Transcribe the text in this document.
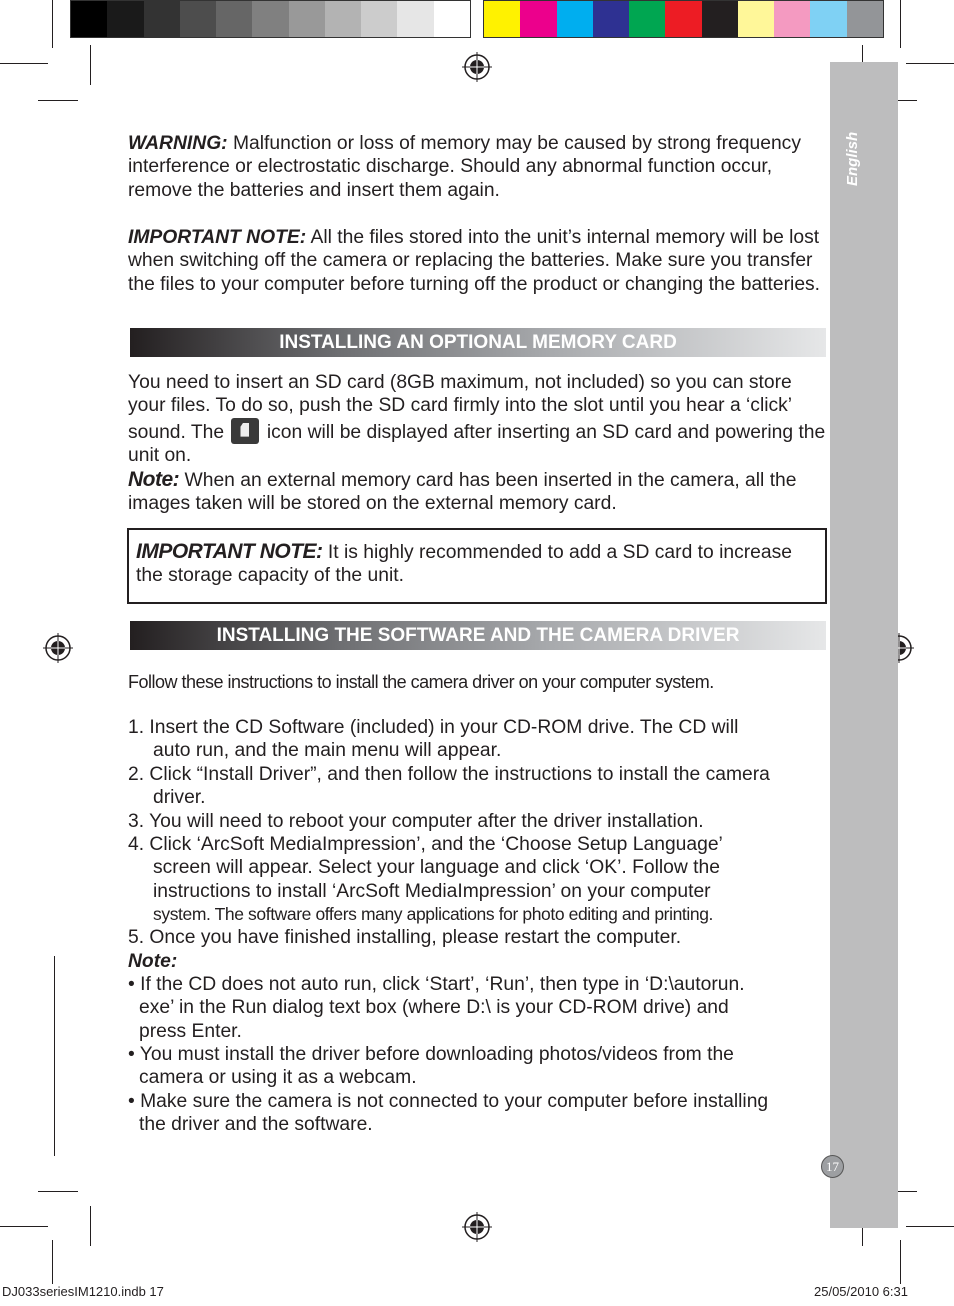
English
WARNING: Malfunction or loss of memory may be caused by strong frequency interference or electrostatic discharge. Should any abnormal function occur, remove the batteries and insert them again.
IMPORTANT NOTE: All the files stored into the unit’s internal memory will be lost when switching off the camera or replacing the batteries. Make sure you transfer the files to your computer before turning off the product or changing the batteries.
INSTALLING AN OPTIONAL MEMORY CARD
You need to insert an SD card (8GB maximum, not included) so you can store your files. To do so, push the SD card firmly into the slot until you hear a ‘click’ sound. The  icon will be displayed after inserting an SD card and powering the unit on.
Note: When an external memory card has been inserted in the camera, all the images taken will be stored on the external memory card.
IMPORTANT NOTE: It is highly recommended to add a SD card to increase the storage capacity of the unit.
INSTALLING THE SOFTWARE AND THE CAMERA DRIVER
Follow these instructions to install the camera driver on your computer system.
1. Insert the CD Software (included) in your CD-ROM drive. The CD will
auto run, and the main menu will appear.
2. Click “Install Driver”, and then follow the instructions to install the camera
driver.
3. You will need to reboot your computer after the driver installation.
4. Click ‘ArcSoft MediaImpression’, and the ‘Choose Setup Language’
screen will appear. Select your language and click ‘OK’. Follow the
instructions to install ‘ArcSoft MediaImpression’ on your computer
system. The software offers many applications for photo editing and printing.
5. Once you have finished installing, please restart the computer.
Note:
• If the CD does not auto run, click ‘Start’, ‘Run’, then type in ‘D:\autorun.
exe’ in the Run dialog text box (where D:\ is your CD-ROM drive) and
press Enter.
• You must install the driver before downloading photos/videos from the
camera or using it as a webcam.
• Make sure the camera is not connected to your computer before installing
the driver and the software.
17
DJ033seriesIM1210.indb 17	25/05/2010 6:31
